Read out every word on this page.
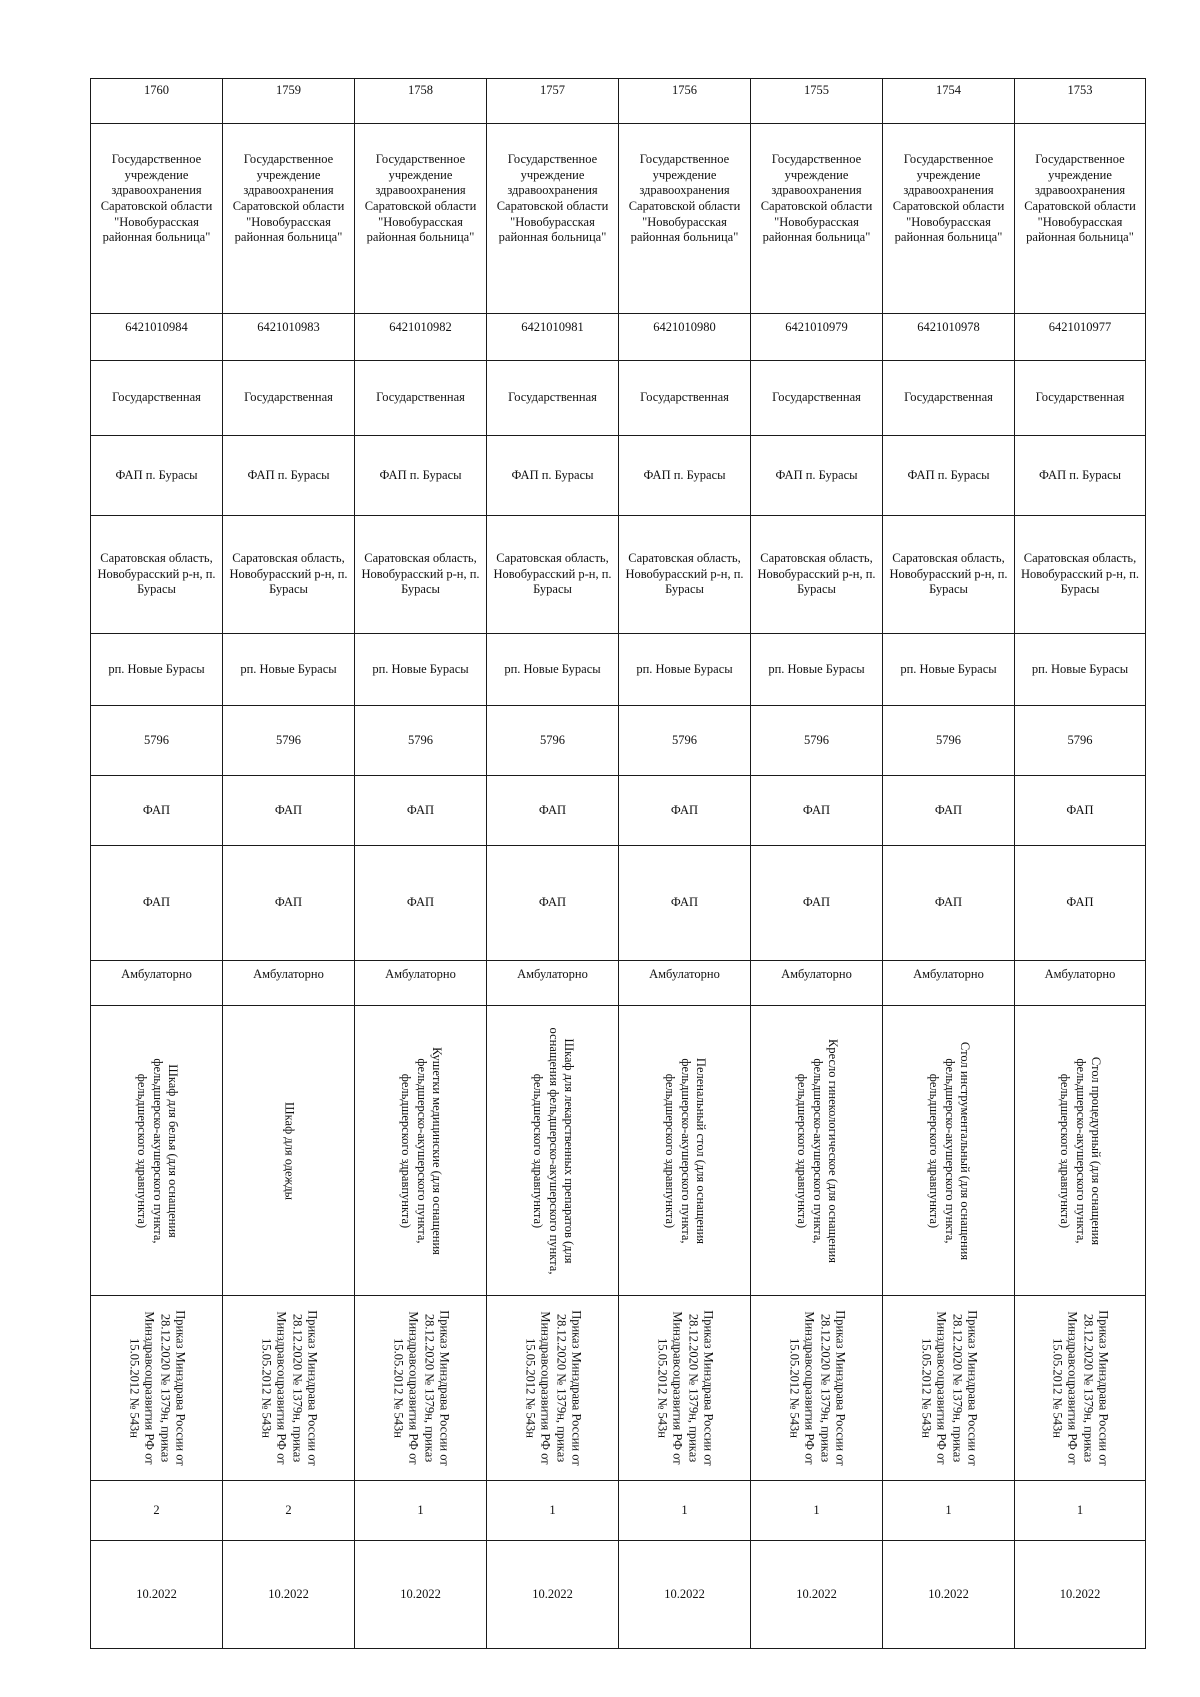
1760	1759	1758	1757	1756	1755	1754	1753
Государственное учреждение здравоохранения Саратовской области "Новобурасская районная больница"	Государственное учреждение здравоохранения Саратовской области "Новобурасская районная больница"	Государственное учреждение здравоохранения Саратовской области "Новобурасская районная больница"	Государственное учреждение здравоохранения Саратовской области "Новобурасская районная больница"	Государственное учреждение здравоохранения Саратовской области "Новобурасская районная больница"	Государственное учреждение здравоохранения Саратовской области "Новобурасская районная больница"	Государственное учреждение здравоохранения Саратовской области "Новобурасская районная больница"	Государственное учреждение здравоохранения Саратовской области "Новобурасская районная больница"
6421010984	6421010983	6421010982	6421010981	6421010980	6421010979	6421010978	6421010977
Государственная	Государственная	Государственная	Государственная	Государственная	Государственная	Государственная	Государственная
ФАП п. Бурасы	ФАП п. Бурасы	ФАП п. Бурасы	ФАП п. Бурасы	ФАП п. Бурасы	ФАП п. Бурасы	ФАП п. Бурасы	ФАП п. Бурасы
Саратовская область, Новобурасский р-н, п. Бурасы	Саратовская область, Новобурасский р-н, п. Бурасы	Саратовская область, Новобурасский р-н, п. Бурасы	Саратовская область, Новобурасский р-н, п. Бурасы	Саратовская область, Новобурасский р-н, п. Бурасы	Саратовская область, Новобурасский р-н, п. Бурасы	Саратовская область, Новобурасский р-н, п. Бурасы	Саратовская область, Новобурасский р-н, п. Бурасы
рп. Новые Бурасы	рп. Новые Бурасы	рп. Новые Бурасы	рп. Новые Бурасы	рп. Новые Бурасы	рп. Новые Бурасы	рп. Новые Бурасы	рп. Новые Бурасы
5796	5796	5796	5796	5796	5796	5796	5796
ФАП	ФАП	ФАП	ФАП	ФАП	ФАП	ФАП	ФАП
ФАП	ФАП	ФАП	ФАП	ФАП	ФАП	ФАП	ФАП
Амбулаторно	Амбулаторно	Амбулаторно	Амбулаторно	Амбулаторно	Амбулаторно	Амбулаторно	Амбулаторно

Шкаф для белья (для оснащения фельдшерско-акушерского пункта, фельдшерского здравпункта)	Шкаф для одежды	Кушетки медицинские (для оснащения фельдшерско-акушерского пункта, фельдшерского здравпункта)	Шкаф для лекарственных препаратов (для оснащения фельдшерско-акушерского пункта, фельдшерского здравпункта)	Пеленальный стол (для оснащения фельдшерско-акушерского пункта, фельдшерского здравпункта)	Кресло гинекологическое (для оснащения фельдшерско-акушерского пункта, фельдшерского здравпункта)	Стол инструментальный (для оснащения фельдшерско-акушерского пункта, фельдшерского здравпункта)	Стол процедурный (для оснащения фельдшерско-акушерского пункта, фельдшерского здравпункта)

Приказ Минздрава России от 28.12.2020 № 1379н, приказ Минздравсоцразвития РФ от 15.05.2012 № 543н	Приказ Минздрава России от 28.12.2020 № 1379н, приказ Минздравсоцразвития РФ от 15.05.2012 № 543н	Приказ Минздрава России от 28.12.2020 № 1379н, приказ Минздравсоцразвития РФ от 15.05.2012 № 543н	Приказ Минздрава России от 28.12.2020 № 1379н, приказ Минздравсоцразвития РФ от 15.05.2012 № 543н	Приказ Минздрава России от 28.12.2020 № 1379н, приказ Минздравсоцразвития РФ от 15.05.2012 № 543н	Приказ Минздрава России от 28.12.2020 № 1379н, приказ Минздравсоцразвития РФ от 15.05.2012 № 543н	Приказ Минздрава России от 28.12.2020 № 1379н, приказ Минздравсоцразвития РФ от 15.05.2012 № 543н	Приказ Минздрава России от 28.12.2020 № 1379н, приказ Минздравсоцразвития РФ от 15.05.2012 № 543н

2	2	1	1	1	1	1	1
10.2022	10.2022	10.2022	10.2022	10.2022	10.2022	10.2022	10.2022
